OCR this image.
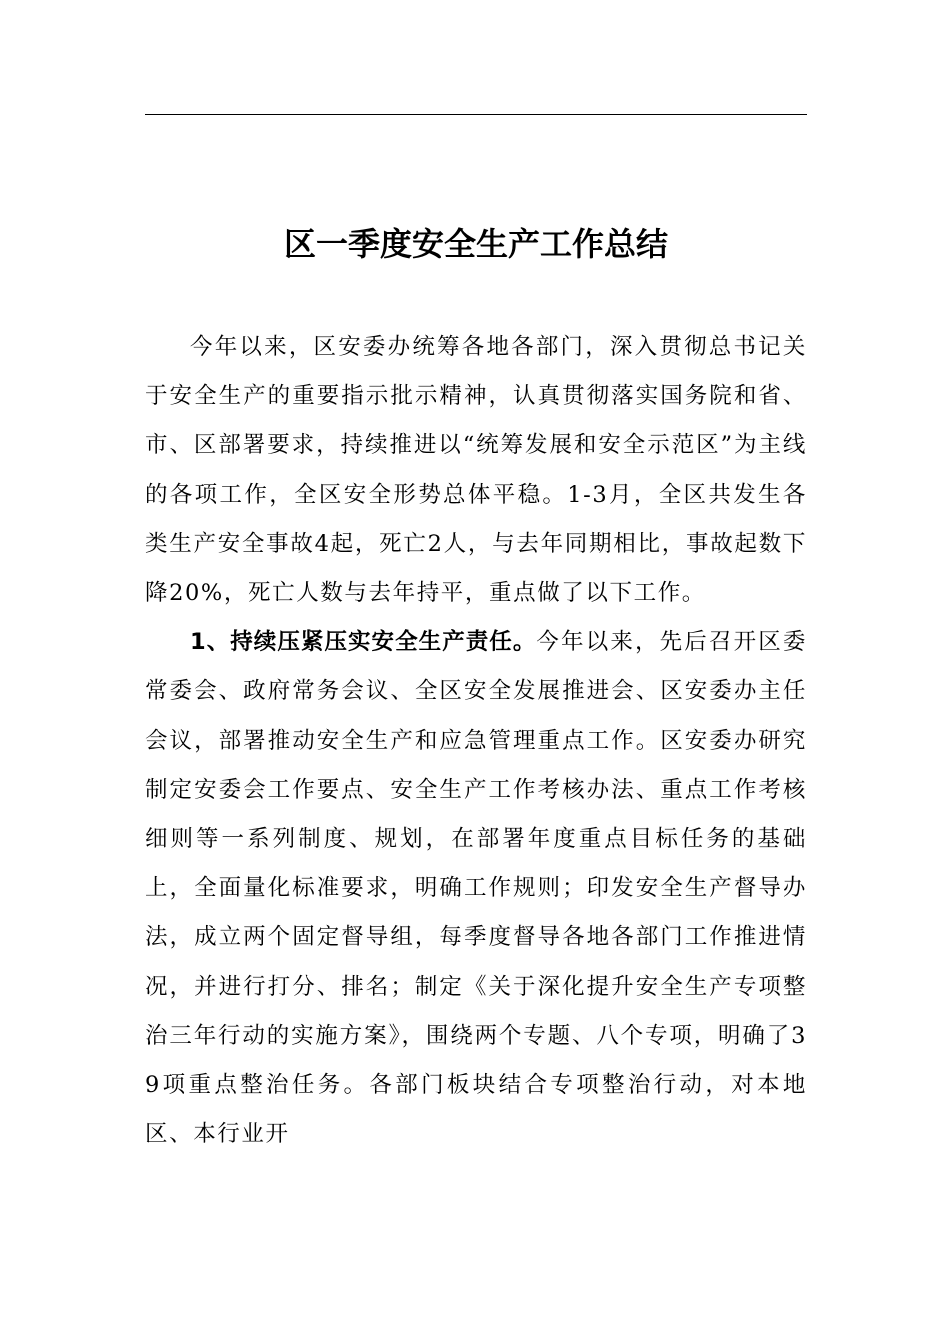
区一季度安全生产工作总结

今年以来，区安委办统筹各地各部门，深入贯彻总书记关于安全生产的重要指示批示精神，认真贯彻落实国务院和省、市、区部署要求，持续推进以“统筹发展和安全示范区”为主线的各项工作，全区安全形势总体平稳。1-3月，全区共发生各类生产安全事故4起，死亡2人，与去年同期相比，事故起数下降20%，死亡人数与去年持平，重点做了以下工作。

1、持续压紧压实安全生产责任。今年以来，先后召开区委常委会、政府常务会议、全区安全发展推进会、区安委办主任会议，部署推动安全生产和应急管理重点工作。区安委办研究制定安委会工作要点、安全生产工作考核办法、重点工作考核细则等一系列制度、规划，在部署年度重点目标任务的基础上，全面量化标准要求，明确工作规则；印发安全生产督导办法，成立两个固定督导组，每季度督导各地各部门工作推进情况，并进行打分、排名；制定《关于深化提升安全生产专项整治三年行动的实施方案》，围绕两个专题、八个专项，明确了39项重点整治任务。各部门板块结合专项整治行动，对本地区、本行业开
